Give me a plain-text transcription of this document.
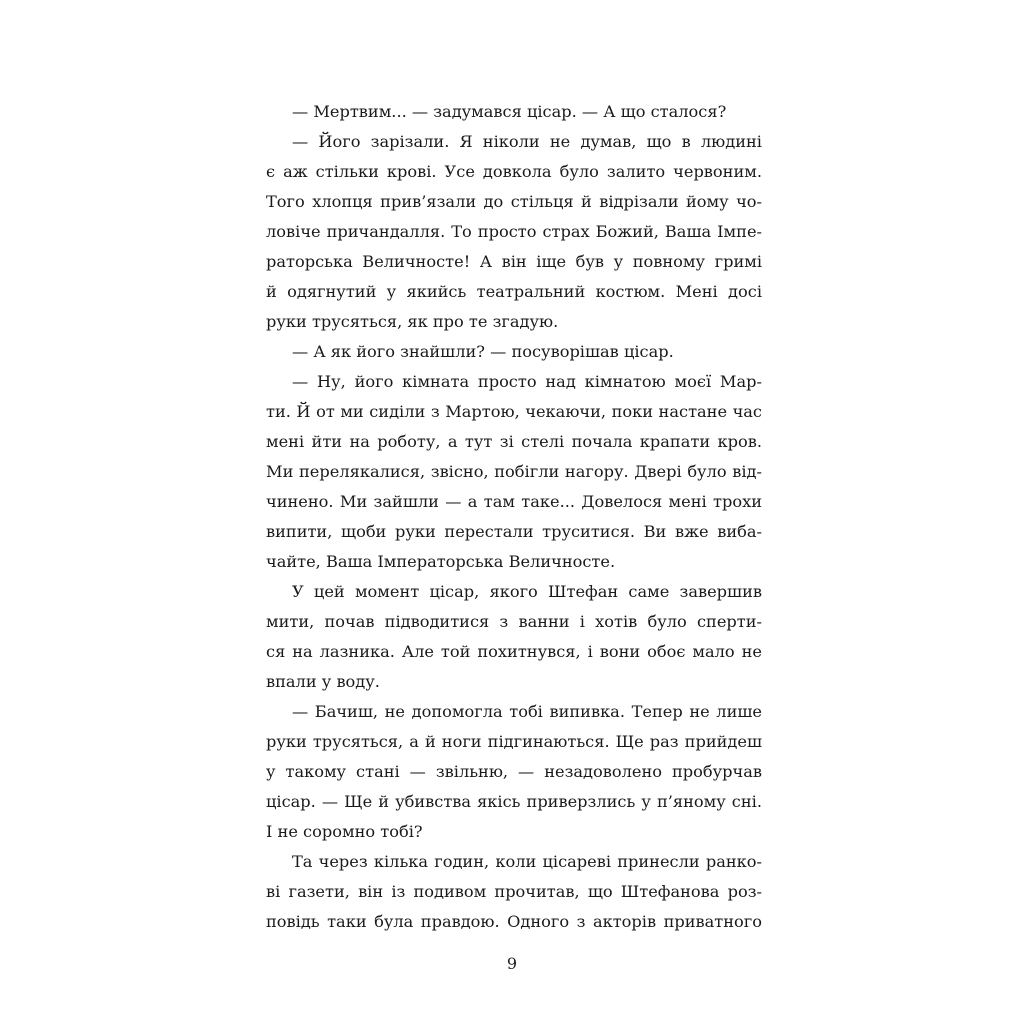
— Мертвим... — задумався цісар. — А що сталося?
— Його зарізали. Я ніколи не думав, що в людині
є аж стільки крові. Усе довкола було залито червоним.
Того хлопця прив’язали до стільця й відрізали йому чо-
ловіче причандалля. То просто страх Божий, Ваша Імпе-
раторська Величносте! А він іще був у повному гримі
й одягнутий у якийсь театральний костюм. Мені досі
руки трусяться, як про те згадую.
— А як його знайшли? — посуворішав цісар.
— Ну, його кімната просто над кімнатою моєї Мар-
ти. Й от ми сиділи з Мартою, чекаючи, поки настане час
мені йти на роботу, а тут зі стелі почала крапати кров.
Ми перелякалися, звісно, побігли нагору. Двері було від-
чинено. Ми зайшли — а там таке... Довелося мені трохи
випити, щоби руки перестали труситися. Ви вже виба-
чайте, Ваша Імператорська Величносте.
У цей момент цісар, якого Штефан саме завершив
мити, почав підводитися з ванни і хотів було сперти-
ся на лазника. Але той похитнувся, і вони обоє мало не
впали у воду.
— Бачиш, не допомогла тобі випивка. Тепер не лише
руки трусяться, а й ноги підгинаються. Ще раз прийдеш
у такому стані — звільню, — незадоволено пробурчав
цісар. — Ще й убивства якісь приверзлись у п’яному сні.
І не соромно тобі?
Та через кілька годин, коли цісареві принесли ранко-
ві газети, він із подивом прочитав, що Штефанова роз-
повідь таки була правдою. Одного з акторів приватного
9
